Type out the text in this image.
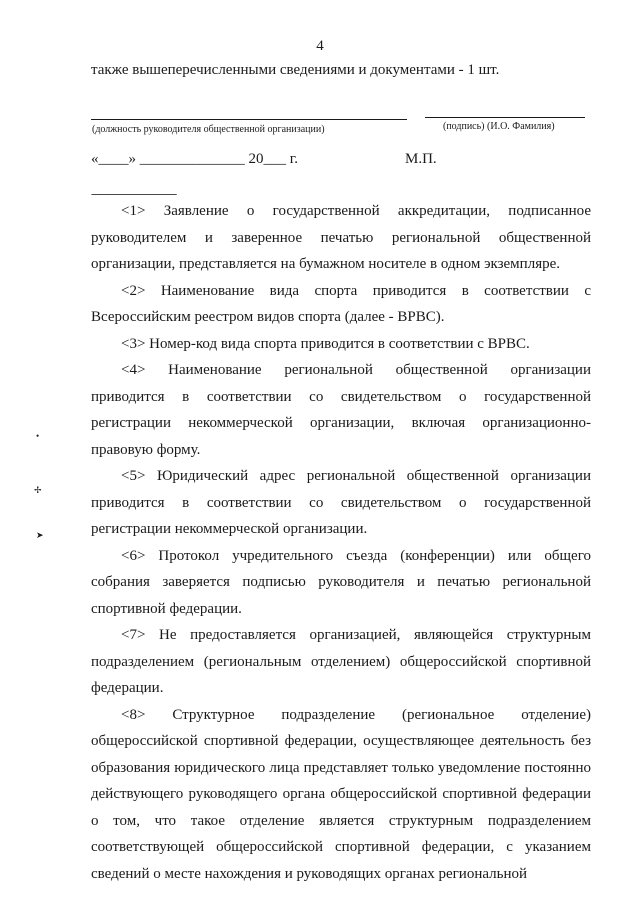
4
также вышеперечисленными сведениями и документами - 1 шт.
(должность руководителя общественной организации)	(подпись) (И.О. Фамилия)
«____» ______________ 20___ г.	М.П.
--------------------------------

<1> Заявление о государственной аккредитации, подписанное руководителем и заверенное печатью региональной общественной организации, представляется на бумажном носителе в одном экземпляре.

<2> Наименование вида спорта приводится в соответствии с Всероссийским реестром видов спорта (далее - ВРВС).

<3> Номер-код вида спорта приводится в соответствии с ВРВС.

<4> Наименование региональной общественной организации приводится в соответствии со свидетельством о государственной регистрации некоммерческой организации, включая организационно-правовую форму.

<5> Юридический адрес региональной общественной организации приводится в соответствии со свидетельством о государственной регистрации некоммерческой организации.

<6> Протокол учредительного съезда (конференции) или общего собрания заверяется подписью руководителя и печатью региональной спортивной федерации.

<7> Не предоставляется организацией, являющейся структурным подразделением (региональным отделением) общероссийской спортивной федерации.

<8> Структурное подразделение (региональное отделение) общероссийской спортивной федерации, осуществляющее деятельность без образования юридического лица представляет только уведомление постоянно действующего руководящего органа общероссийской спортивной федерации о том, что такое отделение является структурным подразделением соответствующей общероссийской спортивной федерации, с указанием сведений о месте нахождения и руководящих органах региональной

•
✢
➤
